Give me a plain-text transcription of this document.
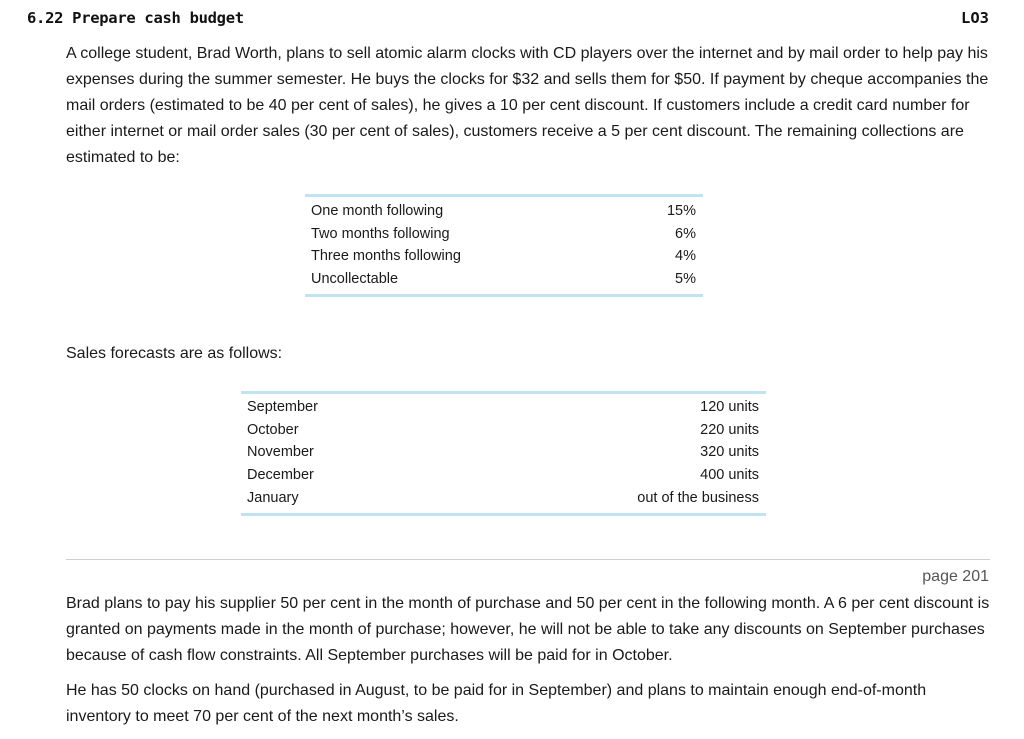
6.22 Prepare cash budget	LO3

A college student, Brad Worth, plans to sell atomic alarm clocks with CD players over the internet and by mail order to help pay his expenses during the summer semester. He buys the clocks for $32 and sells them for $50. If payment by cheque accompanies the mail orders (estimated to be 40 per cent of sales), he gives a 10 per cent discount. If customers include a credit card number for either internet or mail order sales (30 per cent of sales), customers receive a 5 per cent discount. The remaining collections are estimated to be:

One month following	15%
Two months following	6%
Three months following	4%
Uncollectable	5%

Sales forecasts are as follows:

September	120 units
October	220 units
November	320 units
December	400 units
January	out of the business
page 201

Brad plans to pay his supplier 50 per cent in the month of purchase and 50 per cent in the following month. A 6 per cent discount is granted on payments made in the month of purchase; however, he will not be able to take any discounts on September purchases because of cash flow constraints. All September purchases will be paid for in October.

He has 50 clocks on hand (purchased in August, to be paid for in September) and plans to maintain enough end-of-month inventory to meet 70 per cent of the next month’s sales.
